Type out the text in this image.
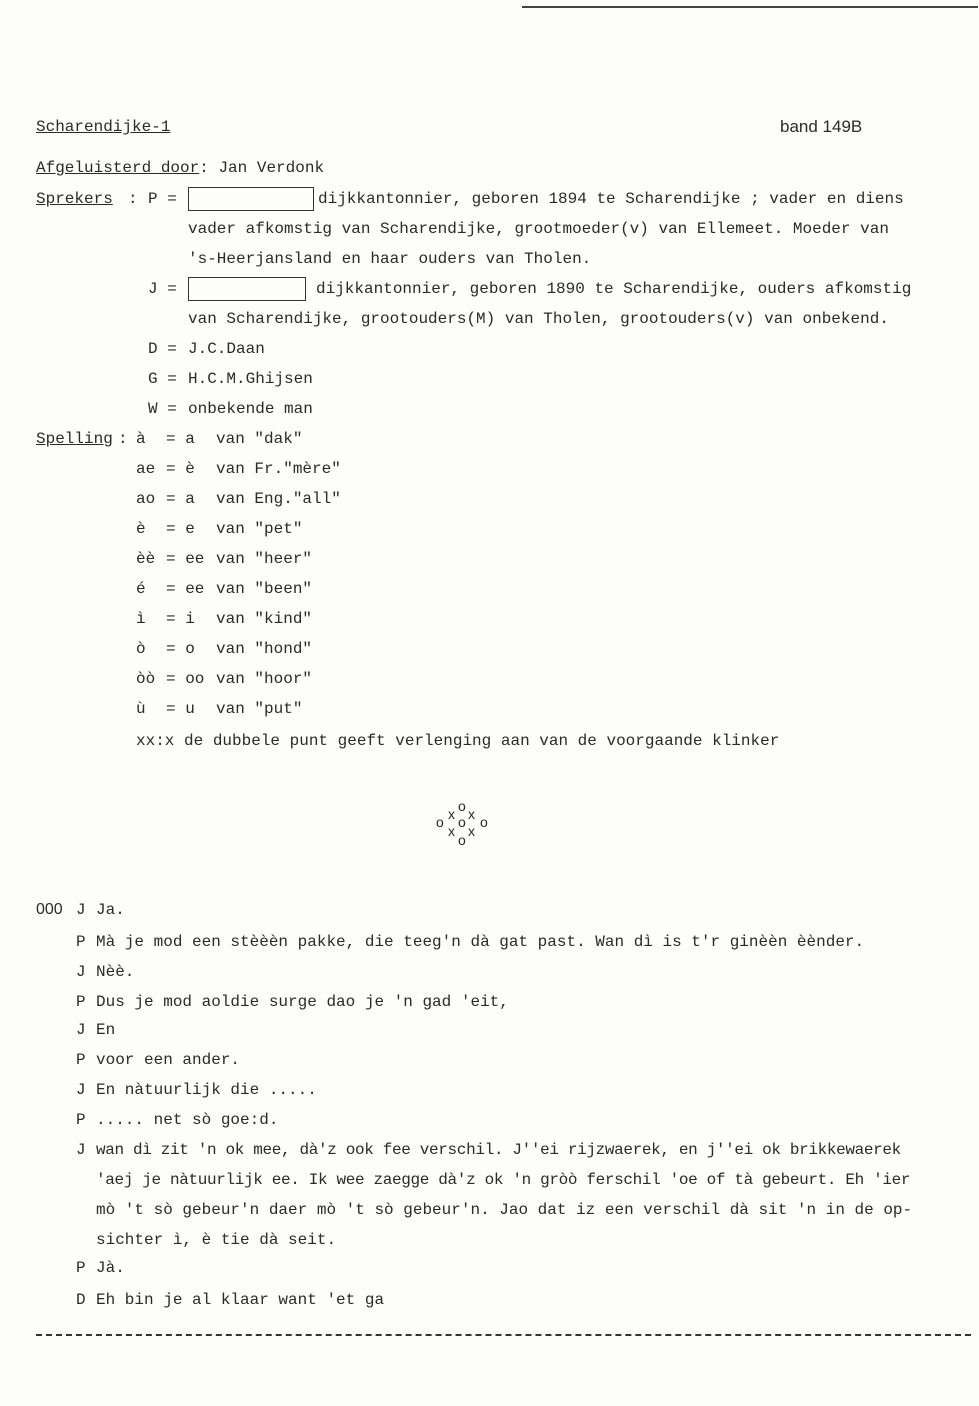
Scharendijke-1	band 149B
Afgeluisterd door: Jan Verdonk
Sprekers : P =	dijkkantonnier, geboren 1894 te Scharendijke ; vader en diens
vader afkomstig van Scharendijke, grootmoeder(v) van Ellemeet. Moeder van
's-Heerjansland en haar ouders van Tholen.
J =	dijkkantonnier, geboren 1890 te Scharendijke, ouders afkomstig
van Scharendijke, grootouders(M) van Tholen, grootouders(v) van onbekend.
D = J.C.Daan
G = H.C.M.Ghijsen
W = onbekende man
Spelling : à = a van "dak"
ae = è van Fr."mère"
ao = a van Eng."all"
è = e van "pet"
èè = ee van "heer"
é = ee van "been"
ì = i van "kind"
ò = o van "hond"
òò = oo van "hoor"
ù = u van "put"
xx:x de dubbele punt geeft verlenging aan van de voorgaande klinker
o
x x
o o o
x x
o
000 J Ja.
P Mà je mod een stèèèn pakke, die teeg'n dà gat past. Wan dì is t'r ginèèn èènder.
J Nèè.
P Dus je mod aoldie surge dao je 'n gad 'eit,
J En
P voor een ander.
J En nàtuurlijk die .....
P ..... net sò goe:d.
J wan dì zit 'n ok mee, dà'z ook fee verschil. J''ei rijzwaerek, en j''ei ok brikkewaerek
'aej je nàtuurlijk ee. Ik wee zaegge dà'z ok 'n gròò ferschil 'oe of tà gebeurt. Eh 'ier
mò 't sò gebeur'n daer mò 't sò gebeur'n. Jao dat iz een verschil dà sit 'n in de op-
sichter ì, è tie dà seit.
P Jà.
D Eh bin je al klaar want 'et ga
